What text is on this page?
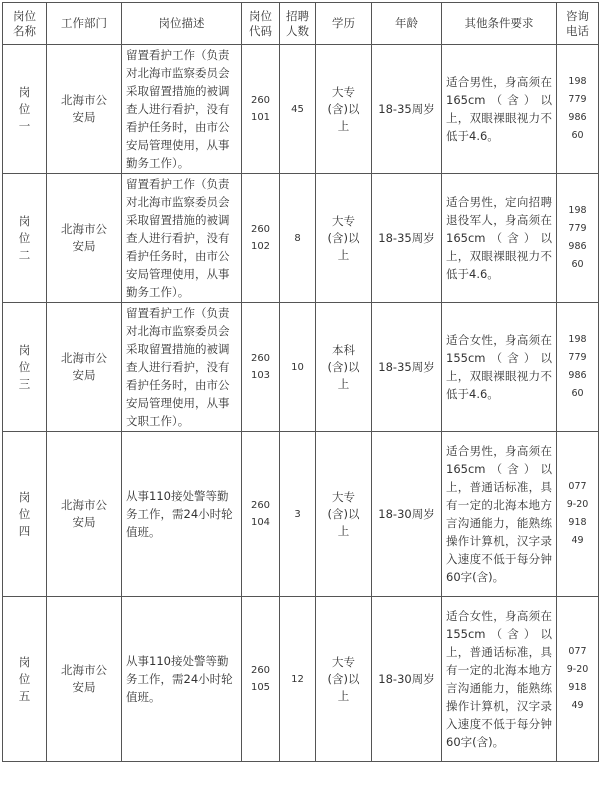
岗位名称	工作部门	岗位描述	岗位代码	招聘人数	学历	年龄	其他条件要求	咨询电话
岗位一	北海市公安局	留置看护工作（负责对北海市监察委员会采取留置措施的被调查人进行看护，没有看护任务时，由市公安局管理使用，从事勤务工作）。	260101	45	大专(含)以上	18-35周岁	适合男性，身高须在165cm（含）以上，双眼裸眼视力不低于4.6。	19877998660
岗位二	北海市公安局	留置看护工作（负责对北海市监察委员会采取留置措施的被调查人进行看护，没有看护任务时，由市公安局管理使用，从事勤务工作）。	260102	8	大专(含)以上	18-35周岁	适合男性，定向招聘退役军人，身高须在165cm（含）以上，双眼裸眼视力不低于4.6。	19877998660
岗位三	北海市公安局	留置看护工作（负责对北海市监察委员会采取留置措施的被调查人进行看护，没有看护任务时，由市公安局管理使用，从事文职工作）。	260103	10	本科(含)以上	18-35周岁	适合女性，身高须在155cm（含）以上，双眼裸眼视力不低于4.6。	19877998660
岗位四	北海市公安局	从事110接处警等勤务工作，需24小时轮值班。	260104	3	大专(含)以上	18-30周岁	适合男性，身高须在165cm（含）以上，普通话标准，具有一定的北海本地方言沟通能力，能熟练操作计算机，汉字录入速度不低于每分钟60字(含)。	0779-2091849
岗位五	北海市公安局	从事110接处警等勤务工作，需24小时轮值班。	260105	12	大专(含)以上	18-30周岁	适合女性，身高须在155cm（含）以上，普通话标准，具有一定的北海本地方言沟通能力，能熟练操作计算机，汉字录入速度不低于每分钟60字(含)。	0779-2091849
